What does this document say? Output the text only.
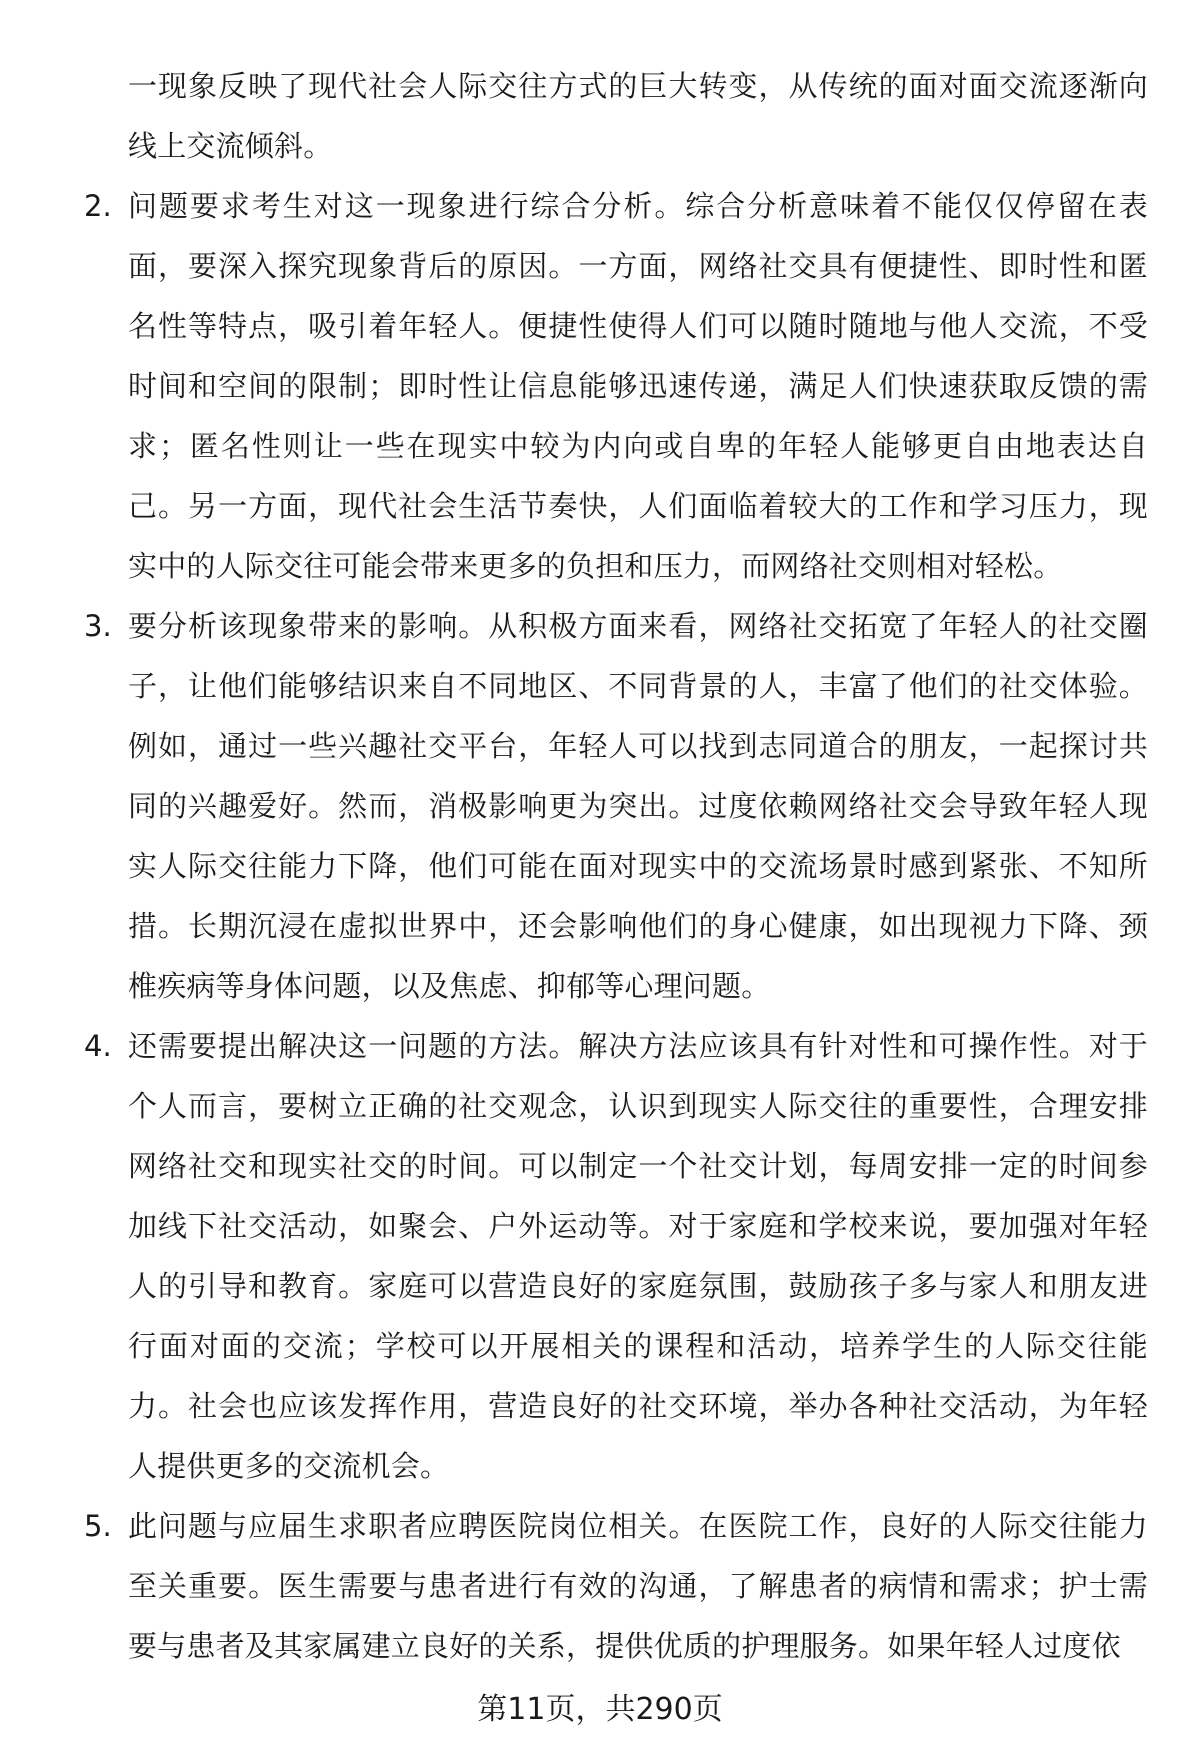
一现象反映了现代社会人际交往方式的巨大转变，从传统的面对面交流逐渐向线上交流倾斜。

2. 问题要求考生对这一现象进行综合分析。综合分析意味着不能仅仅停留在表面，要深入探究现象背后的原因。一方面，网络社交具有便捷性、即时性和匿名性等特点，吸引着年轻人。便捷性使得人们可以随时随地与他人交流，不受时间和空间的限制；即时性让信息能够迅速传递，满足人们快速获取反馈的需求；匿名性则让一些在现实中较为内向或自卑的年轻人能够更自由地表达自己。另一方面，现代社会生活节奏快，人们面临着较大的工作和学习压力，现实中的人际交往可能会带来更多的负担和压力，而网络社交则相对轻松。
3. 要分析该现象带来的影响。从积极方面来看，网络社交拓宽了年轻人的社交圈子，让他们能够结识来自不同地区、不同背景的人，丰富了他们的社交体验。例如，通过一些兴趣社交平台，年轻人可以找到志同道合的朋友，一起探讨共同的兴趣爱好。然而，消极影响更为突出。过度依赖网络社交会导致年轻人现实人际交往能力下降，他们可能在面对现实中的交流场景时感到紧张、不知所措。长期沉浸在虚拟世界中，还会影响他们的身心健康，如出现视力下降、颈椎疾病等身体问题，以及焦虑、抑郁等心理问题。
4. 还需要提出解决这一问题的方法。解决方法应该具有针对性和可操作性。对于个人而言，要树立正确的社交观念，认识到现实人际交往的重要性，合理安排网络社交和现实社交的时间。可以制定一个社交计划，每周安排一定的时间参加线下社交活动，如聚会、户外运动等。对于家庭和学校来说，要加强对年轻人的引导和教育。家庭可以营造良好的家庭氛围，鼓励孩子多与家人和朋友进行面对面的交流；学校可以开展相关的课程和活动，培养学生的人际交往能力。社会也应该发挥作用，营造良好的社交环境，举办各种社交活动，为年轻人提供更多的交流机会。
5. 此问题与应届生求职者应聘医院岗位相关。在医院工作，良好的人际交往能力至关重要。医生需要与患者进行有效的沟通，了解患者的病情和需求；护士需要与患者及其家属建立良好的关系，提供优质的护理服务。如果年轻人过度依
第11页，共290页
